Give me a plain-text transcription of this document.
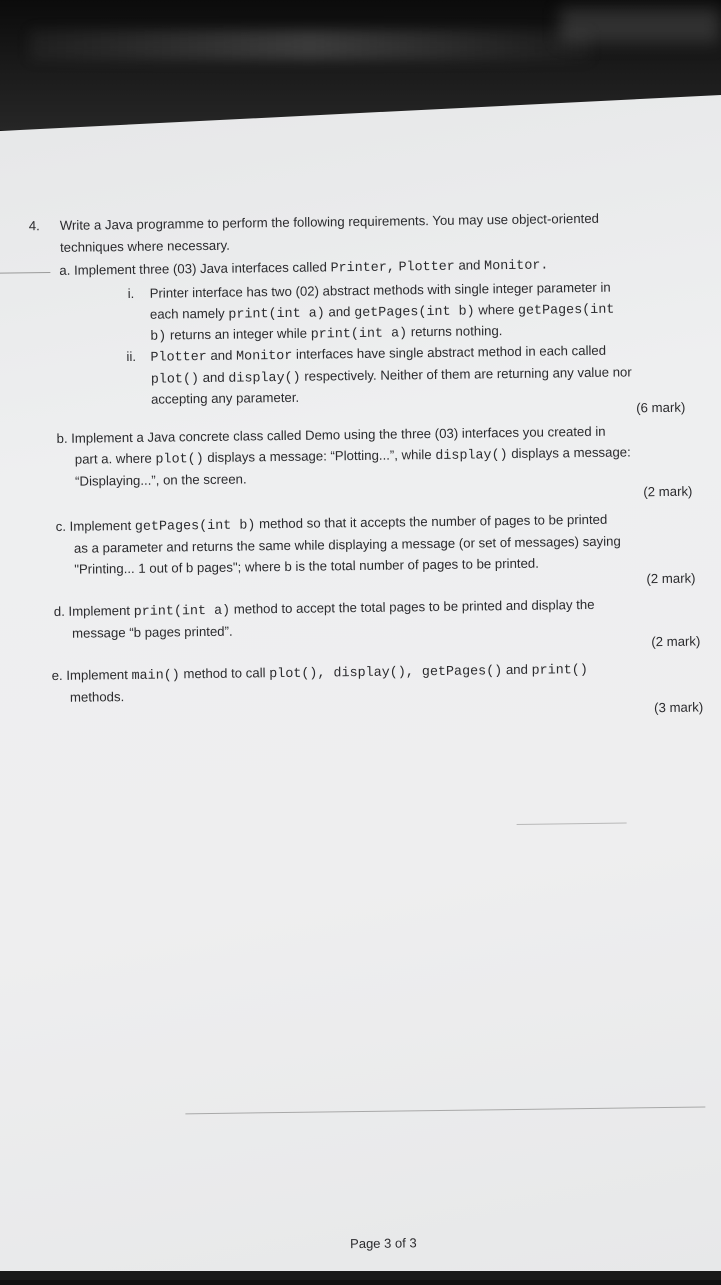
4. Write a Java programme to perform the following requirements. You may use object-oriented
techniques where necessary.
a. Implement three (03) Java interfaces called Printer, Plotter and Monitor.
i. Printer interface has two (02) abstract methods with single integer parameter in
each namely print(int a) and getPages(int b) where getPages(int
b) returns an integer while print(int a) returns nothing.
ii. Plotter and Monitor interfaces have single abstract method in each called
plot() and display() respectively. Neither of them are returning any value nor
accepting any parameter.
(6 mark)
b. Implement a Java concrete class called Demo using the three (03) interfaces you created in
part a. where plot() displays a message: “Plotting...”, while display() displays a message:
“Displaying...”, on the screen.
(2 mark)
c. Implement getPages(int b) method so that it accepts the number of pages to be printed
as a parameter and returns the same while displaying a message (or set of messages) saying
"Printing... 1 out of b pages"; where b is the total number of pages to be printed.
(2 mark)
d. Implement print(int a) method to accept the total pages to be printed and display the
message “b pages printed”.
(2 mark)
e. Implement main() method to call plot(), display(), getPages() and print()
methods.
(3 mark)
Page 3 of 3
